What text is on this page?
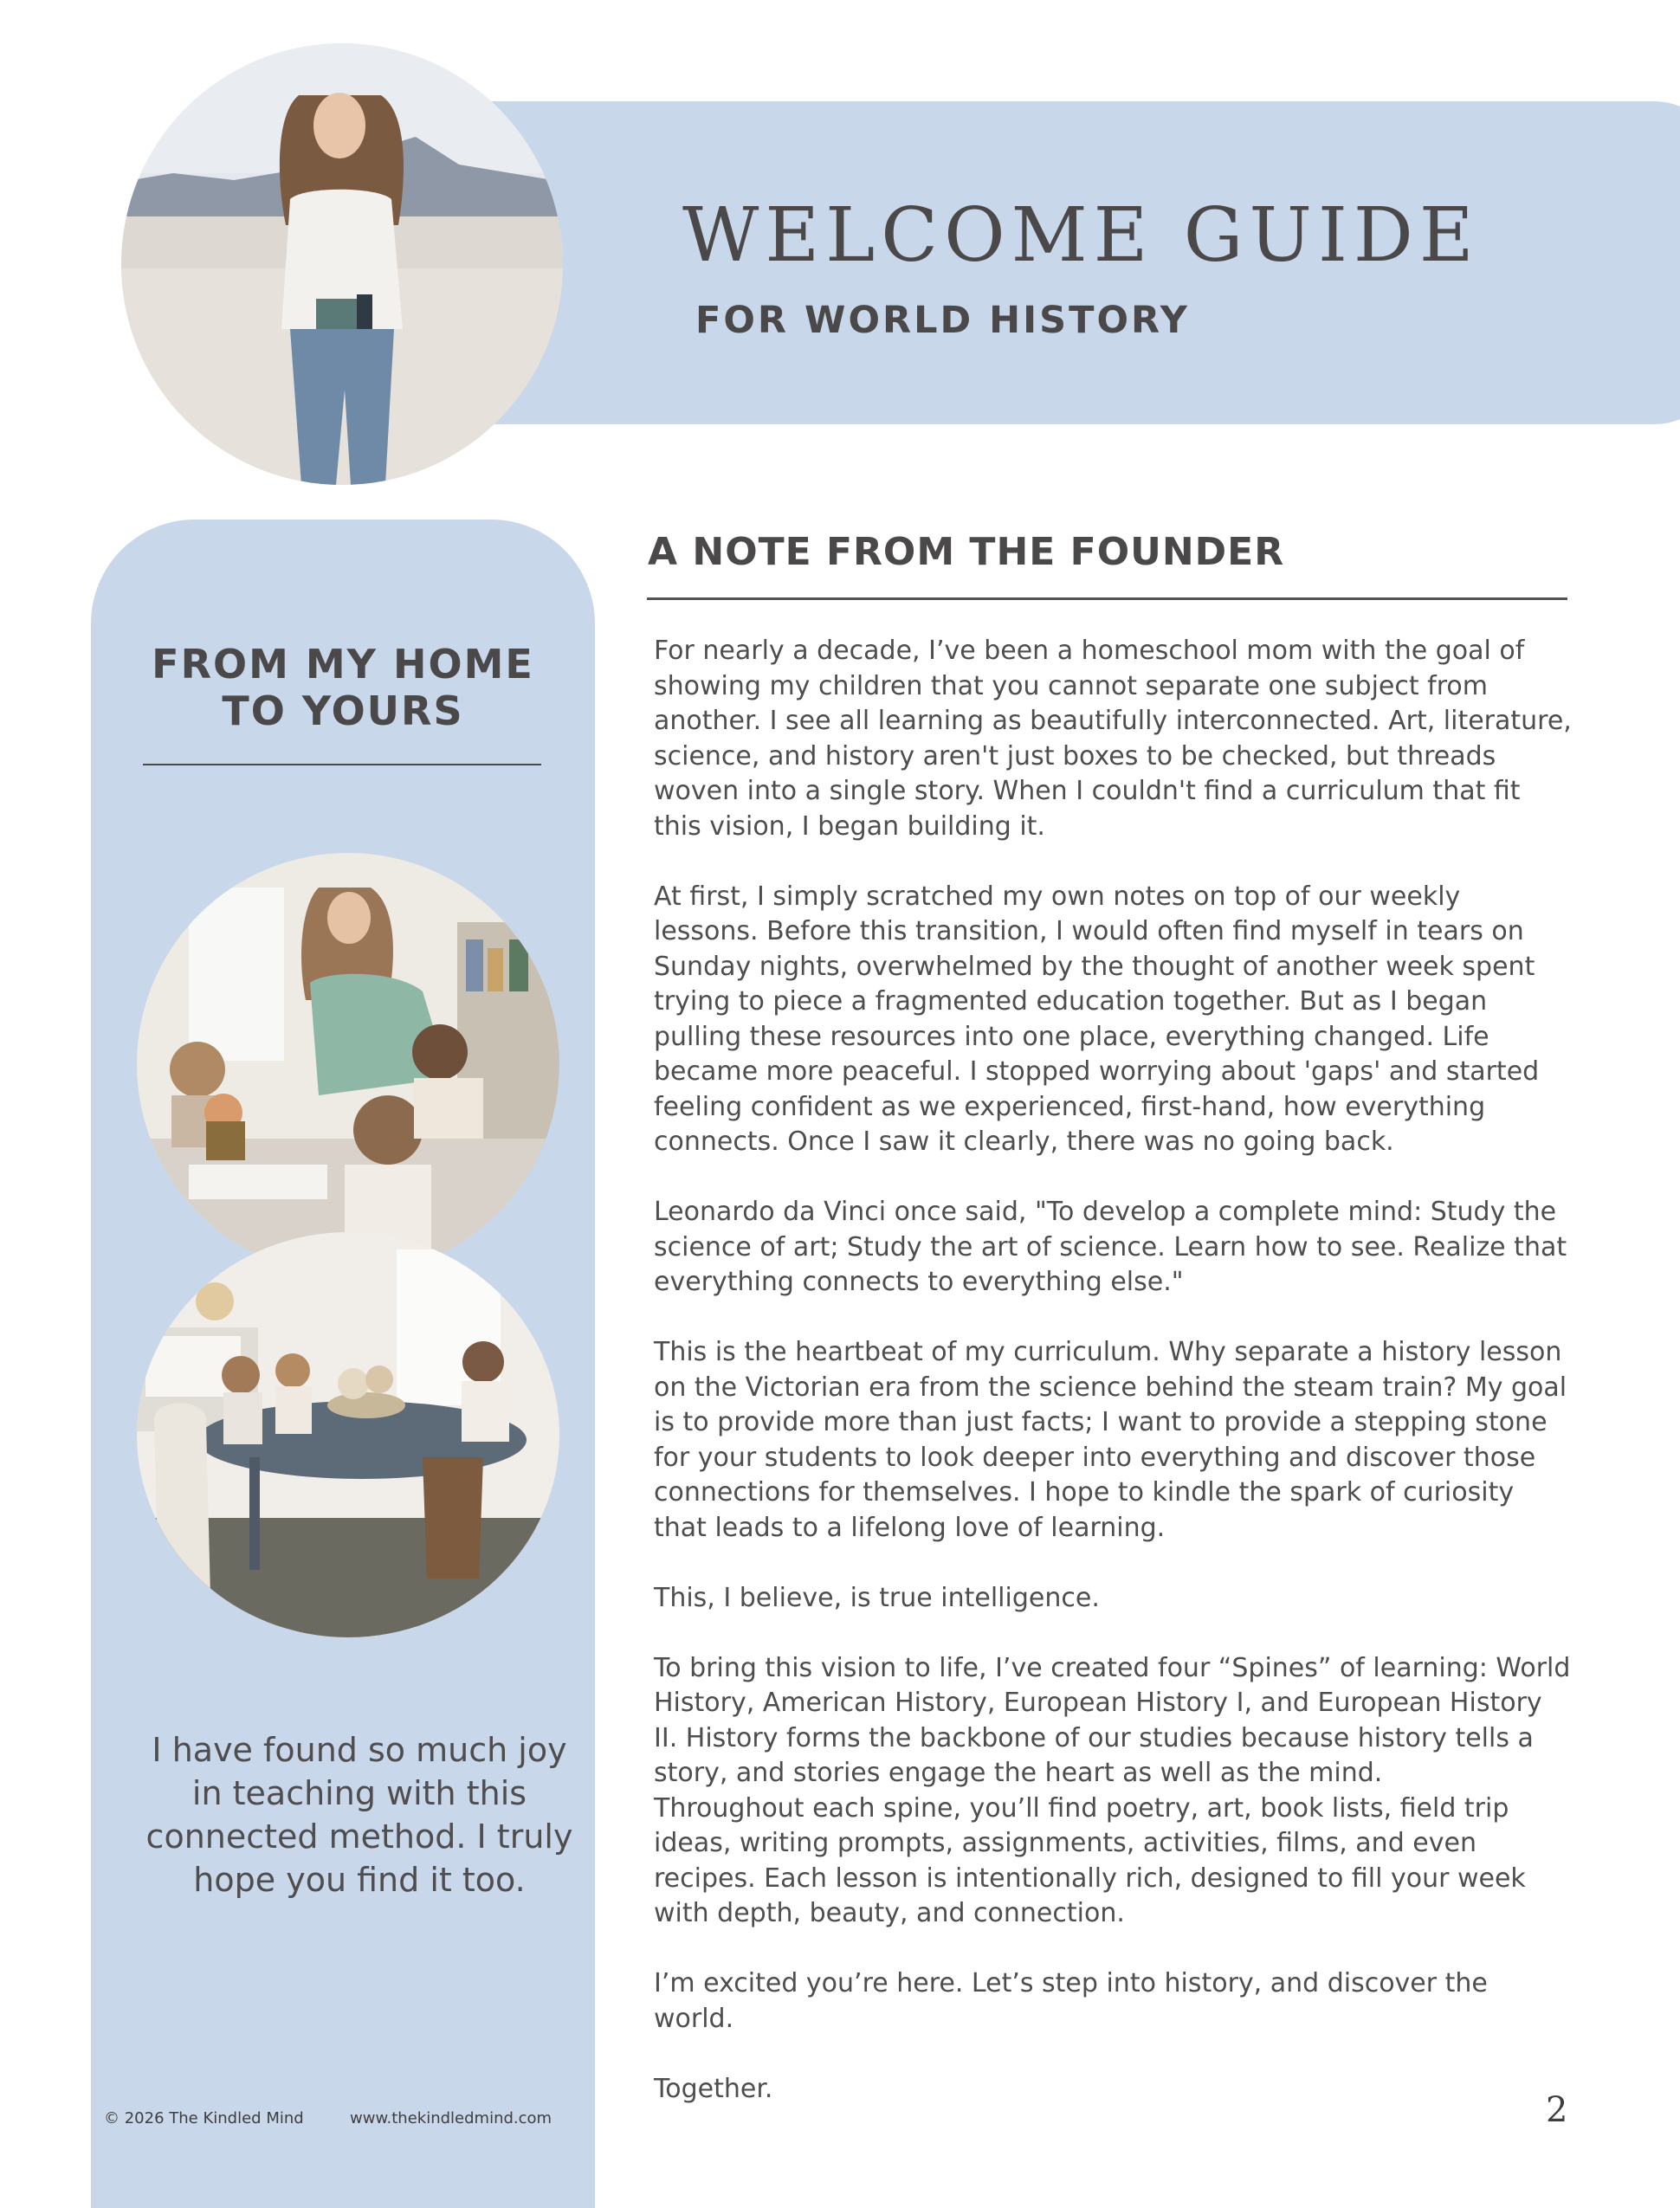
WELCOME GUIDE
FOR WORLD HISTORY
FROM MY HOME
TO YOURS

I have found so much joy in teaching with this connected method. I truly hope you find it too.

© 2026 The Kindled Mind	www.thekindledmind.com
A NOTE FROM THE FOUNDER

For nearly a decade, I’ve been a homeschool mom with the goal of showing my children that you cannot separate one subject from another. I see all learning as beautifully interconnected. Art, literature, science, and history aren't just boxes to be checked, but threads woven into a single story. When I couldn't find a curriculum that fit this vision, I began building it.

At first, I simply scratched my own notes on top of our weekly lessons. Before this transition, I would often find myself in tears on Sunday nights, overwhelmed by the thought of another week spent trying to piece a fragmented education together. But as I began pulling these resources into one place, everything changed. Life became more peaceful. I stopped worrying about 'gaps' and started feeling confident as we experienced, first-hand, how everything connects. Once I saw it clearly, there was no going back.

Leonardo da Vinci once said, "To develop a complete mind: Study the science of art; Study the art of science. Learn how to see. Realize that everything connects to everything else."

This is the heartbeat of my curriculum. Why separate a history lesson on the Victorian era from the science behind the steam train? My goal is to provide more than just facts; I want to provide a stepping stone for your students to look deeper into everything and discover those connections for themselves. I hope to kindle the spark of curiosity that leads to a lifelong love of learning.

This, I believe, is true intelligence.

To bring this vision to life, I’ve created four “Spines” of learning: World History, American History, European History I, and European History II. History forms the backbone of our studies because history tells a story, and stories engage the heart as well as the mind.

Throughout each spine, you’ll find poetry, art, book lists, field trip ideas, writing prompts, assignments, activities, films, and even recipes. Each lesson is intentionally rich, designed to fill your week with depth, beauty, and connection.

I’m excited you’re here. Let’s step into history, and discover the world.

Together.

2
